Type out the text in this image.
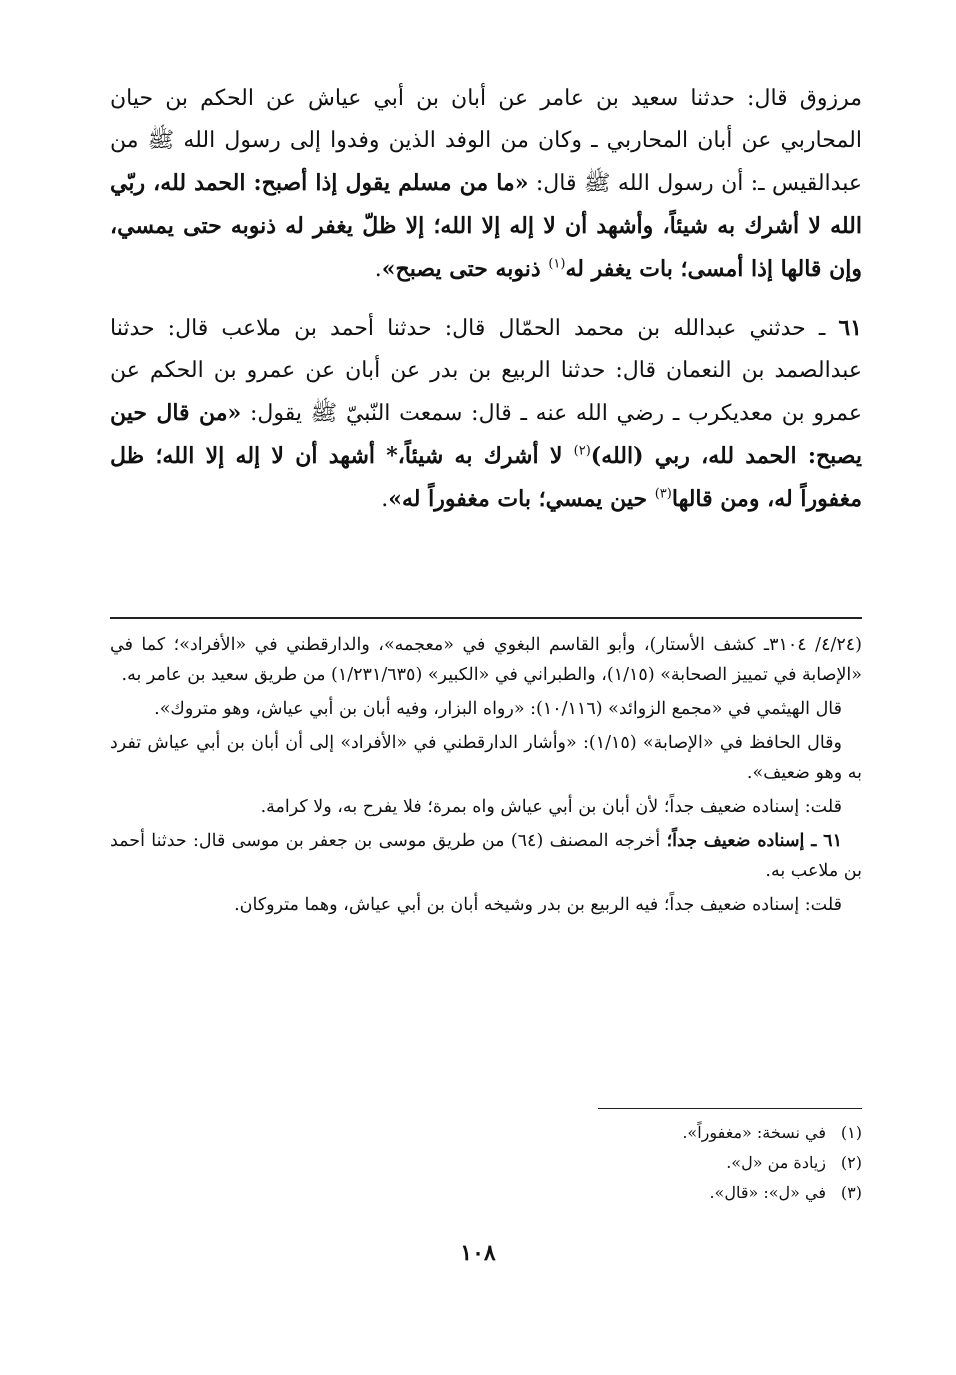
مرزوق قال: حدثنا سعيد بن عامر عن أبان بن أبي عياش عن الحكم بن حيان المحاربي عن أبان المحاربي ـ وكان من الوفد الذين وفدوا إلى رسول الله ﷺ من عبدالقيس ـ: أن رسول الله ﷺ قال: «ما من مسلم يقول إذا أصبح: الحمد لله، ربّي الله لا أشرك به شيئاً، وأشهد أن لا إله إلا الله؛ إلا ظلّ يغفر له ذنوبه حتى يمسي، وإن قالها إذا أمسى؛ بات يغفر له$^{(١)}$ ذنوبه حتى يصبح».

٦١ ـ حدثني عبدالله بن محمد الحمّال قال: حدثنا أحمد بن ملاعب قال: حدثنا عبدالصمد بن النعمان قال: حدثنا الربيع بن بدر عن أبان عن عمرو بن الحكم عن عمرو بن معديكرب ـ رضي الله عنه ـ قال: سمعت النّبيّ ﷺ يقول: «من قال حين يصبح: الحمد لله، ربي (الله)$^{(٢)}$ لا أشرك به شيئاً،* أشهد أن لا إله إلا الله؛ ظل مغفوراً له، ومن قالها$^{(٣)}$ حين يمسي؛ بات مغفوراً له».

(٤/٢٤/ ٣١٠٤ـ كشف الأستار)، وأبو القاسم البغوي في «معجمه»، والدارقطني في «الأفراد»؛ كما في «الإصابة في تمييز الصحابة» (١/١٥)، والطبراني في «الكبير» (١/٢٣١/٦٣٥) من طريق سعيد بن عامر به.

قال الهيثمي في «مجمع الزوائد» (١٠/١١٦): «رواه البزار، وفيه أبان بن أبي عياش، وهو متروك».

وقال الحافظ في «الإصابة» (١/١٥): «وأشار الدارقطني في «الأفراد» إلى أن أبان بن أبي عياش تفرد به وهو ضعيف».

قلت: إسناده ضعيف جداً؛ لأن أبان بن أبي عياش واه بمرة؛ فلا يفرح به، ولا كرامة.

٦١ ـ إسناده ضعيف جداً؛ أخرجه المصنف (٦٤) من طريق موسى بن جعفر بن موسى قال: حدثنا أحمد بن ملاعب به.

قلت: إسناده ضعيف جداً؛ فيه الربيع بن بدر وشيخه أبان بن أبي عياش، وهما متروكان.

(١)في نسخة: «مغفوراً».
(٢)زيادة من «ل».
(٣)في «ل»: «قال».
١٠٨
